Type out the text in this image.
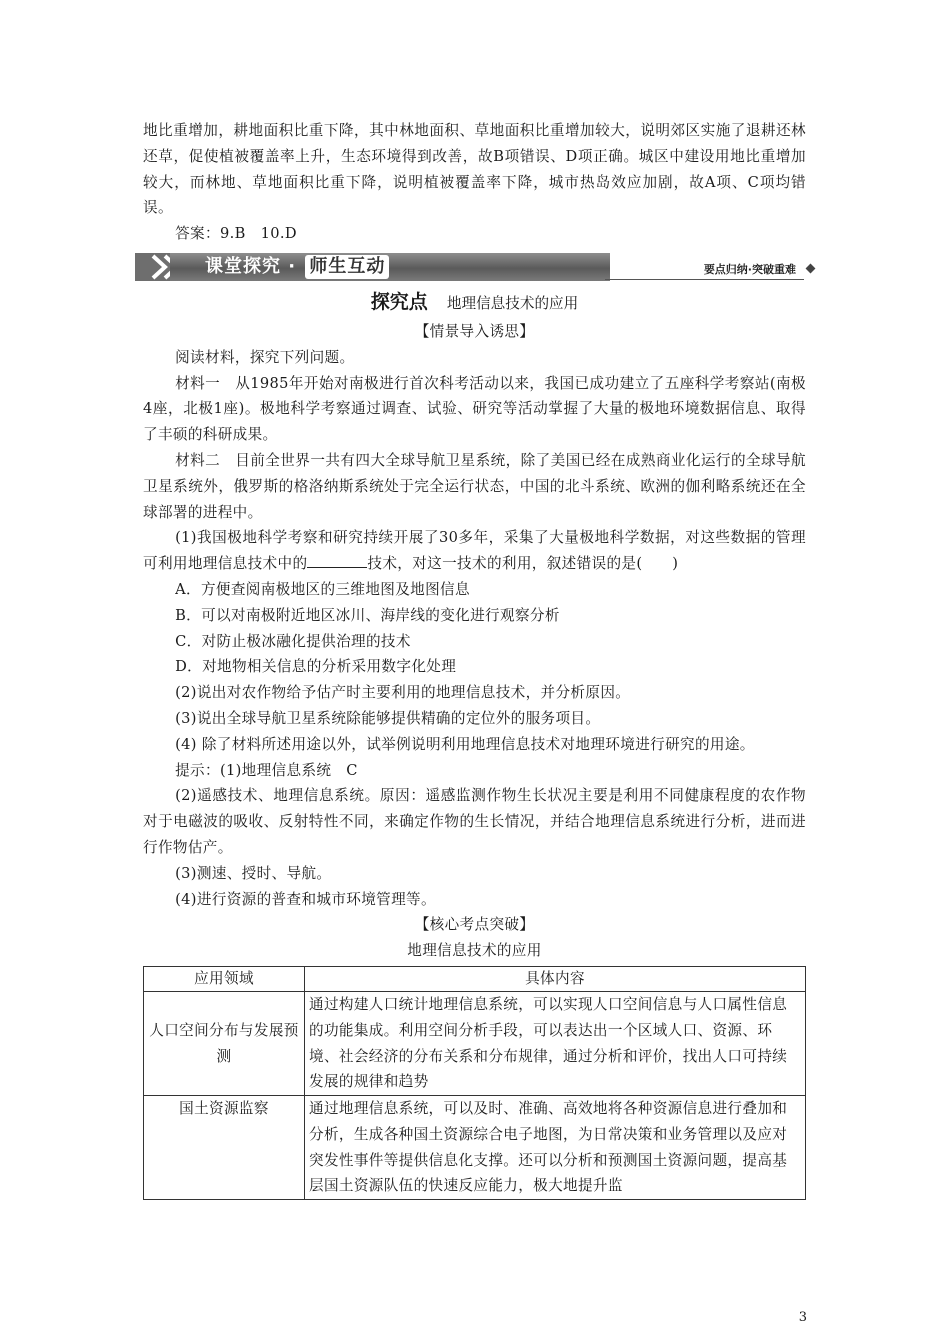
地比重增加，耕地面积比重下降，其中林地面积、草地面积比重增加较大，说明郊区实施了退耕还林还草，促使植被覆盖率上升，生态环境得到改善，故B项错误、D项正确。城区中建设用地比重增加较大，而林地、草地面积比重下降，说明植被覆盖率下降，城市热岛效应加剧，故A项、C项均错误。

答案：9.B　10.D

课堂探究 · 师生互动	要点归纳·突破重难
探究点 地理信息技术的应用

【情景导入诱思】

阅读材料，探究下列问题。

材料一　从1985年开始对南极进行首次科考活动以来，我国已成功建立了五座科学考察站(南极4座，北极1座)。极地科学考察通过调查、试验、研究等活动掌握了大量的极地环境数据信息、取得了丰硕的科研成果。

材料二　目前全世界一共有四大全球导航卫星系统，除了美国已经在成熟商业化运行的全球导航卫星系统外，俄罗斯的格洛纳斯系统处于完全运行状态，中国的北斗系统、欧洲的伽利略系统还在全球部署的进程中。

(1)我国极地科学考察和研究持续开展了30多年，采集了大量极地科学数据，对这些数据的管理可利用地理信息技术中的	技术，对这一技术的利用，叙述错误的是(　　)

A．方便查阅南极地区的三维地图及地图信息

B．可以对南极附近地区冰川、海岸线的变化进行观察分析

C．对防止极冰融化提供治理的技术

D．对地物相关信息的分析采用数字化处理

(2)说出对农作物给予估产时主要利用的地理信息技术，并分析原因。

(3)说出全球导航卫星系统除能够提供精确的定位外的服务项目。

(4) 除了材料所述用途以外，试举例说明利用地理信息技术对地理环境进行研究的用途。

提示：(1)地理信息系统　C

(2)遥感技术、地理信息系统。原因：遥感监测作物生长状况主要是利用不同健康程度的农作物对于电磁波的吸收、反射特性不同，来确定作物的生长情况，并结合地理信息系统进行分析，进而进行作物估产。

(3)测速、授时、导航。

(4)进行资源的普查和城市环境管理等。

【核心考点突破】

地理信息技术的应用

应用领域	具体内容
人口空间分布与发展预测	通过构建人口统计地理信息系统，可以实现人口空间信息与人口属性信息的功能集成。利用空间分析手段，可以表达出一个区域人口、资源、环境、社会经济的分布关系和分布规律，通过分析和评价，找出人口可持续发展的规律和趋势
国土资源监察	通过地理信息系统，可以及时、准确、高效地将各种资源信息进行叠加和分析，生成各种国土资源综合电子地图，为日常决策和业务管理以及应对突发性事件等提供信息化支撑。还可以分析和预测国土资源问题，提高基层国土资源队伍的快速反应能力，极大地提升监
3
